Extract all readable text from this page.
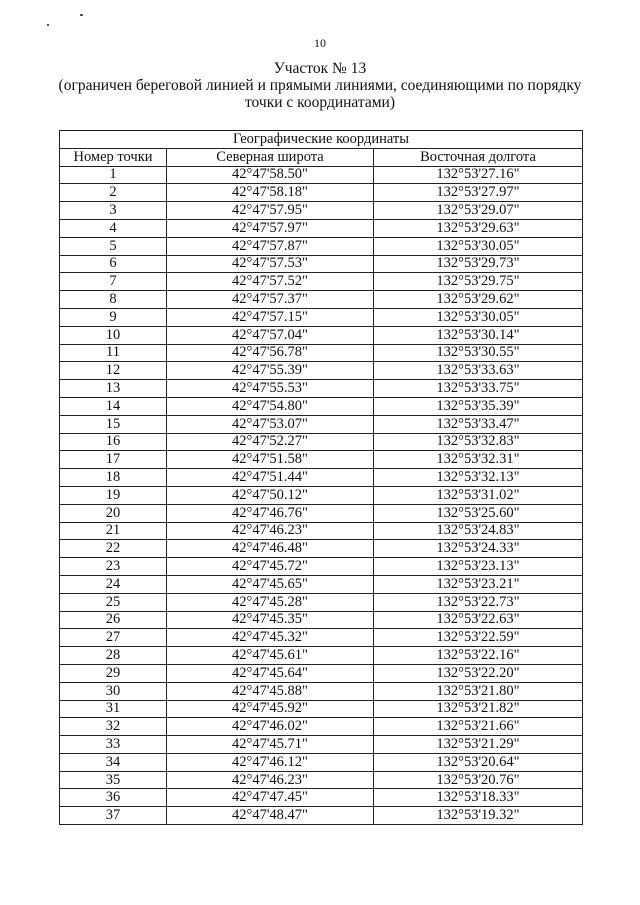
10
Участок № 13
(ограничен береговой линией и прямыми линиями, соединяющими по порядку
точки с координатами)
Географические координаты		
Номер точки	Северная широта	Восточная долгота
1	42°47'58.50"	132°53'27.16"
2	42°47'58.18"	132°53'27.97"
3	42°47'57.95"	132°53'29.07"
4	42°47'57.97"	132°53'29.63"
5	42°47'57.87"	132°53'30.05"
6	42°47'57.53"	132°53'29.73"
7	42°47'57.52"	132°53'29.75"
8	42°47'57.37"	132°53'29.62"
9	42°47'57.15"	132°53'30.05"
10	42°47'57.04"	132°53'30.14"
11	42°47'56.78"	132°53'30.55"
12	42°47'55.39"	132°53'33.63"
13	42°47'55.53"	132°53'33.75"
14	42°47'54.80"	132°53'35.39"
15	42°47'53.07"	132°53'33.47"
16	42°47'52.27"	132°53'32.83"
17	42°47'51.58"	132°53'32.31"
18	42°47'51.44"	132°53'32.13"
19	42°47'50.12"	132°53'31.02"
20	42°47'46.76"	132°53'25.60"
21	42°47'46.23"	132°53'24.83"
22	42°47'46.48"	132°53'24.33"
23	42°47'45.72"	132°53'23.13"
24	42°47'45.65"	132°53'23.21"
25	42°47'45.28"	132°53'22.73"
26	42°47'45.35"	132°53'22.63"
27	42°47'45.32"	132°53'22.59"
28	42°47'45.61"	132°53'22.16"
29	42°47'45.64"	132°53'22.20"
30	42°47'45.88"	132°53'21.80"
31	42°47'45.92"	132°53'21.82"
32	42°47'46.02"	132°53'21.66"
33	42°47'45.71"	132°53'21.29"
34	42°47'46.12"	132°53'20.64"
35	42°47'46.23"	132°53'20.76"
36	42°47'47.45"	132°53'18.33"
37	42°47'48.47"	132°53'19.32"
